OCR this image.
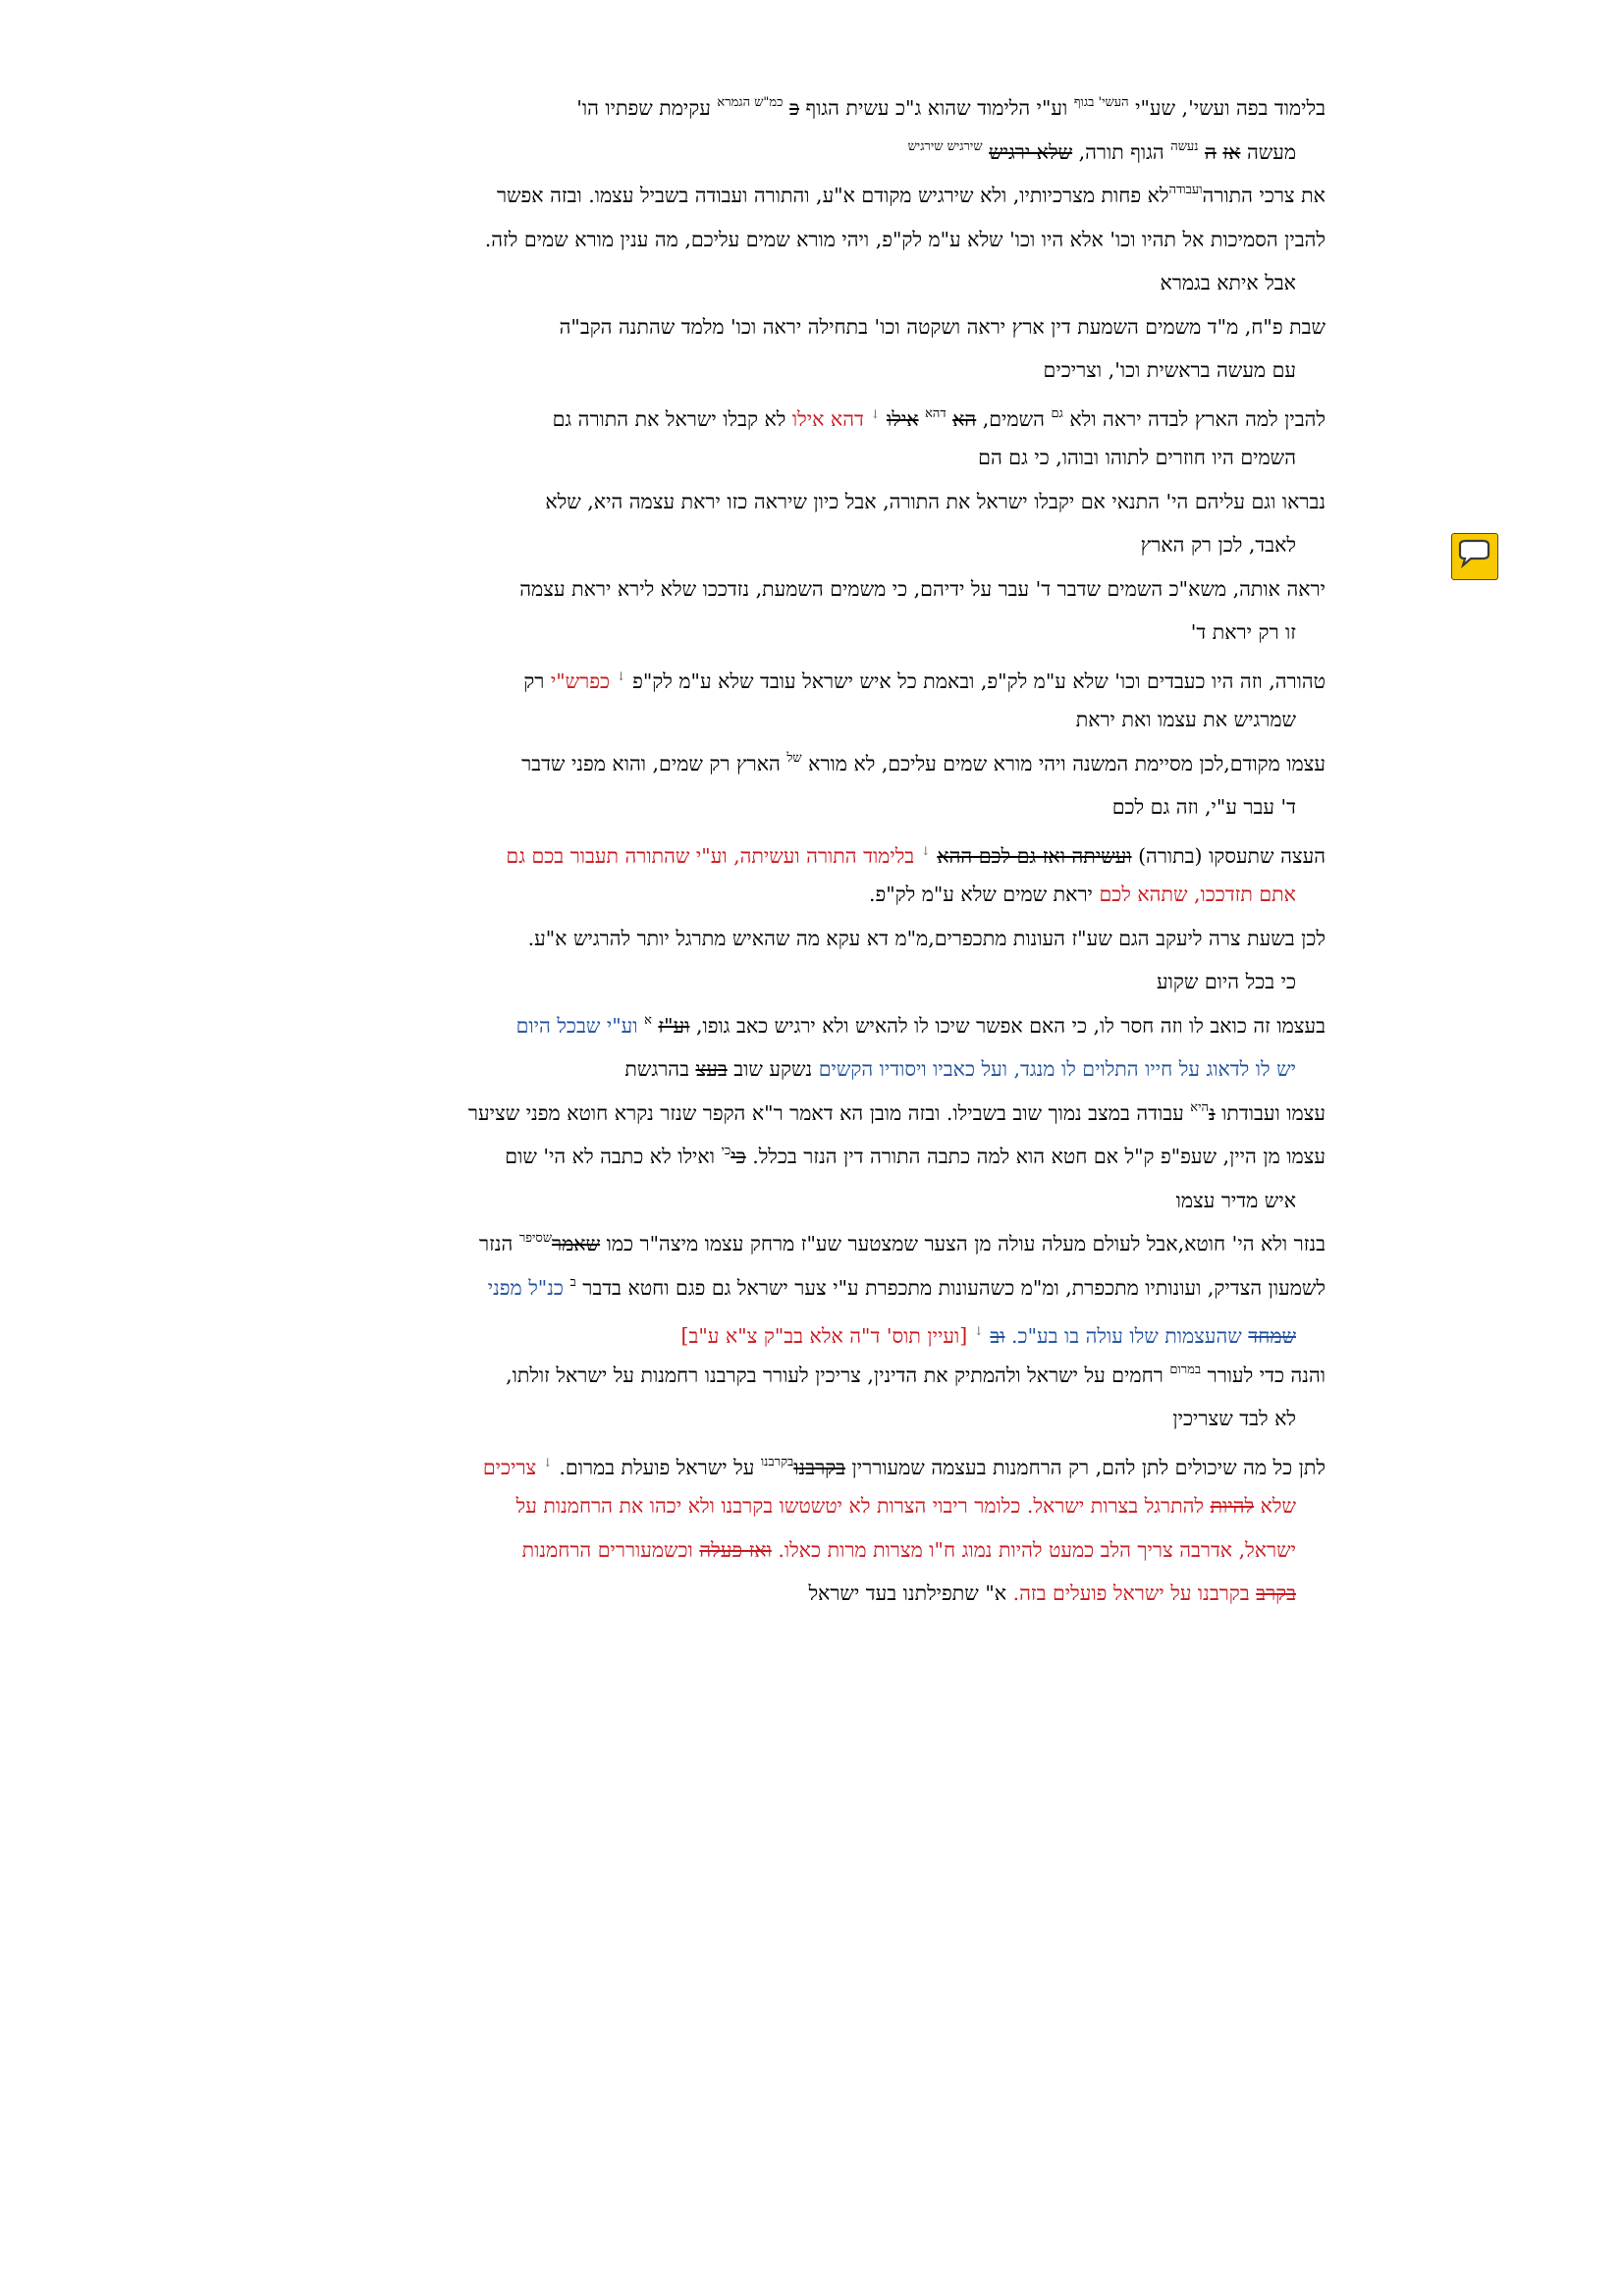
בלימוד בפה ועשי', שע"י $^{העשי' בגוף}$ וע"י הלימוד שהוא ג"כ עשית הגוף כ $^{כמ"ש הגמרא}$ עקימת שפתיו הו'
מעשה אז ה $^{נעשה}$ הגוף תורה, שלא ירגיש $^{שירגיש שירגיש}$
את צרכי התורה$^{ועבודה}$לא פחות מצרכיותיו, ולא שירגיש מקודם א"ע, והתורה ועבודה בשביל עצמו. ובזה אפשר
להבין הסמיכות אל תהיו וכו' אלא היו וכו' שלא ע"מ לק"פ, ויהי מורא שמים עליכם, מה ענין מורא שמים לזה.
אבל איתא בגמרא
שבת פ"ח, מ"ד משמים השמעת דין ארץ יראה ושקטה וכו' בתחילה יראה וכו' מלמד שהתנה הקב"ה
עם מעשה בראשית וכו', וצריכים
להבין למה הארץ לבדה יראה ולא $^{גם}$ השמים, הא $^{דהא}$ אילו ↓ דהא אילו לא קבלו ישראל את התורה גם
השמים היו חוזרים לתוהו ובוהו, כי גם הם
נבראו וגם עליהם הי' התנאי אם יקבלו ישראל את התורה, אבל כיון שיראה כזו יראת עצמה היא, שלא
לאבד, לכן רק הארץ
יראה אותה, משא"כ השמים שדבר ד' עבר על ידיהם, כי משמים השמעת, נזדככו שלא לירא יראת עצמה
זו רק יראת ד'
טהורה, וזה היו כעבדים וכו' שלא ע"מ לק"פ, ובאמת כל איש ישראל עובד שלא ע"מ לק"פ ↓ כפרש"י רק
שמרגיש את עצמו ואת יראת
עצמו מקודם,לכן מסיימת המשנה ויהי מורא שמים עליכם, לא מורא $^{של}$ הארץ רק שמים, והוא מפני שדבר
ד' עבר ע"י, וזה גם לכם
העצה שתעסקו (בתורה) ועשיתה ואז גם לכם ההא ↓ בלימוד התורה ועשיתה, וע"י שהתורה תעבור בכם גם
אתם תזדככו, שתהא לכם יראת שמים שלא ע"מ לק"פ.
לכן בשעת צרה ליעקב הגם שע"ז העונות מתכפרים,מ"מ דא עקא מה שהאיש מתרגל יותר להרגיש א"ע.
כי בכל היום שקוע
בעצמו זה כואב לו וזה חסר לו, כי האם אפשר שיכו לו להאיש ולא ירגיש כאב גופו, וע"ז $^א$ וע"י שבכל היום
יש לו לדאוג על חייו התלוים לו מנגד, ועל כאביו ויסודיו הקשים נשקע שוב בעצ בהרגשת
עצמו ועבודתו נ$^{היא}$ עבודה במצב נמוך שוב בשבילו. ובזה מובן הא דאמר ר"א הקפר שנזר נקרא חוטא מפני שציער
עצמו מן היין, שעפ"פ ק"ל אם חטא הוא למה כתבה התורה דין הנזר בכלל. כי$^{כי}$ ואילו לא כתבה לא הי' שום
איש מדיר עצמו
בנזר ולא הי' חוטא,אבל לעולם מעלה עולה מן הצער שמצטער שע"ז מרחק עצמו מיצה"ר כמו שאמר$^{שסיפר}$ הנזר
לשמעון הצדיק, ועונותיו מתכפרת, ומ"מ כשהעונות מתכפרת ע"י צער ישראל גם פגם וחטא בדבר $^ב$ כנ"ל מפני
שמחד שהעצמות שלו עולה בו בע"כ. וב ↓ [ועיין תוס' ד"ה אלא בב"ק צ"א ע"ב]
והנה כדי לעורר $^{במרום}$ רחמים על ישראל ולהמתיק את הדינין, צריכין לעורר בקרבנו רחמנות על ישראל זולתו,
לא לבד שצריכין
לתן כל מה שיכולים לתן להם, רק הרחמנות בעצמה שמעוררין בקרבנו$^{בקרבנו}$ על ישראל פועלת במרום. ↓ צריכים
שלא להיות להתרגל בצרות ישראל. כלומר ריבוי הצרות לא יטשטשו בקרבנו ולא יכהו את הרחמנות על
ישראל, אדרבה צריך הלב כמעט להיות נמוג ח"ו מצרות מרות כאלו. ואז פעלה וכשמעוררים הרחמנות
בקרב בקרבנו על ישראל פועלים בזה. א" שתפילתנו בעד ישראל
